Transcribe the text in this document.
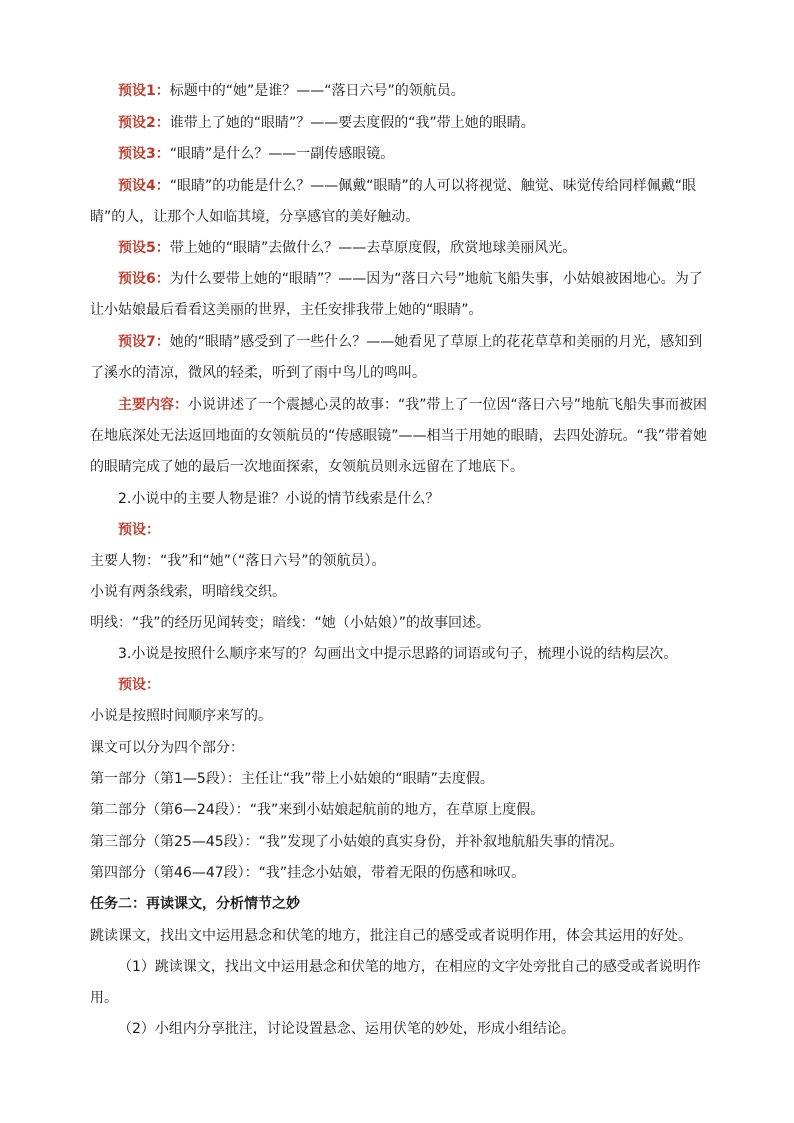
预设1：标题中的“她”是谁？——“落日六号”的领航员。

预设2：谁带上了她的“眼睛”？——要去度假的“我”带上她的眼睛。

预设3：“眼睛”是什么？——一副传感眼镜。

预设4：“眼睛”的功能是什么？——佩戴“眼睛”的人可以将视觉、触觉、味觉传给同样佩戴“眼睛”的人，让那个人如临其境，分享感官的美好触动。

预设5：带上她的“眼睛”去做什么？——去草原度假，欣赏地球美丽风光。

预设6：为什么要带上她的“眼睛”？——因为“落日六号”地航飞船失事，小姑娘被困地心。为了让小姑娘最后看看这美丽的世界，主任安排我带上她的“眼睛”。

预设7：她的“眼睛”感受到了一些什么？——她看见了草原上的花花草草和美丽的月光，感知到了溪水的清凉，微风的轻柔，听到了雨中鸟儿的鸣叫。

主要内容：小说讲述了一个震撼心灵的故事：“我”带上了一位因“落日六号”地航飞船失事而被困在地底深处无法返回地面的女领航员的“传感眼镜”——相当于用她的眼睛，去四处游玩。“我”带着她的眼睛完成了她的最后一次地面探索，女领航员则永远留在了地底下。

2.小说中的主要人物是谁？小说的情节线索是什么？

预设：

主要人物：“我”和“她”（“落日六号”的领航员）。

小说有两条线索，明暗线交织。

明线：“我”的经历见闻转变；暗线：“她（小姑娘）”的故事回述。

3.小说是按照什么顺序来写的？勾画出文中提示思路的词语或句子，梳理小说的结构层次。

预设：

小说是按照时间顺序来写的。

课文可以分为四个部分：

第一部分（第1—5段）：主任让“我”带上小姑娘的“眼睛”去度假。

第二部分（第6—24段）：“我”来到小姑娘起航前的地方，在草原上度假。

第三部分（第25—45段）：“我”发现了小姑娘的真实身份，并补叙地航船失事的情况。

第四部分（第46—47段）：“我”挂念小姑娘，带着无限的伤感和咏叹。

任务二：再读课文，分析情节之妙

跳读课文，找出文中运用悬念和伏笔的地方，批注自己的感受或者说明作用，体会其运用的好处。

（1）跳读课文，找出文中运用悬念和伏笔的地方，在相应的文字处旁批自己的感受或者说明作用。

（2）小组内分享批注，讨论设置悬念、运用伏笔的妙处，形成小组结论。
